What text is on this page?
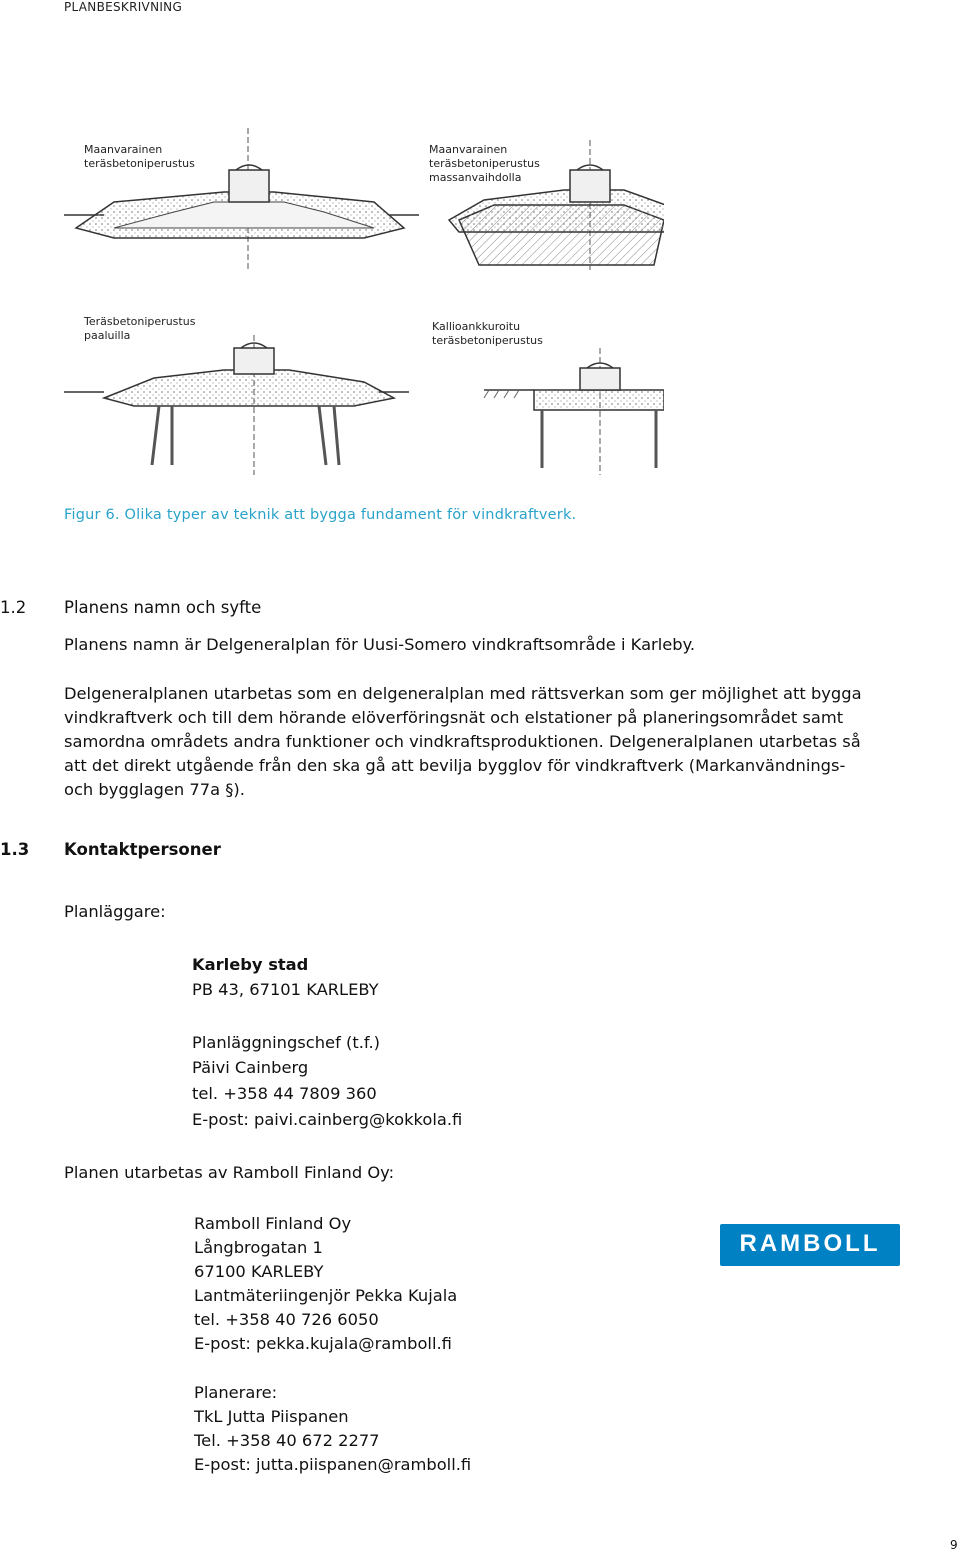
PLANBESKRIVNING
Maanvarainen
teräsbetoniperustus
Maanvarainen
teräsbetoniperustus
massanvaihdolla
Teräsbetoniperustus
paaluilla
Kallioankkuroitu
teräsbetoniperustus

Figur 6. Olika typer av teknik att bygga fundament för vindkraftverk.

1.2 Planens namn och syfte
Planens namn är Delgeneralplan för Uusi-Somero vindkraftsområde i Karleby.
Delgeneralplanen utarbetas som en delgeneralplan med rättsverkan som ger möjlighet att bygga
vindkraftverk och till dem hörande elöverföringsnät och elstationer på planeringsområdet samt
samordna områdets andra funktioner och vindkraftsproduktionen. Delgeneralplanen utarbetas så
att det direkt utgående från den ska gå att bevilja bygglov för vindkraftverk (Markanvändnings-
och bygglagen 77a §).
1.3 Kontaktpersoner
Planläggare:
Karleby stad
PB 43, 67101 KARLEBY
Planläggningschef (t.f.)
Päivi Cainberg
tel. +358 44 7809 360
E-post: paivi.cainberg@kokkola.fi
Planen utarbetas av Ramboll Finland Oy:
Ramboll Finland Oy
Långbrogatan 1
67100 KARLEBY
Lantmäteriingenjör Pekka Kujala
tel. +358 40 726 6050
E-post: pekka.kujala@ramboll.fi
Planerare:
TkL Jutta Piispanen
Tel. +358 40 672 2277
E-post: jutta.piispanen@ramboll.fi
RAMBOLL
9
